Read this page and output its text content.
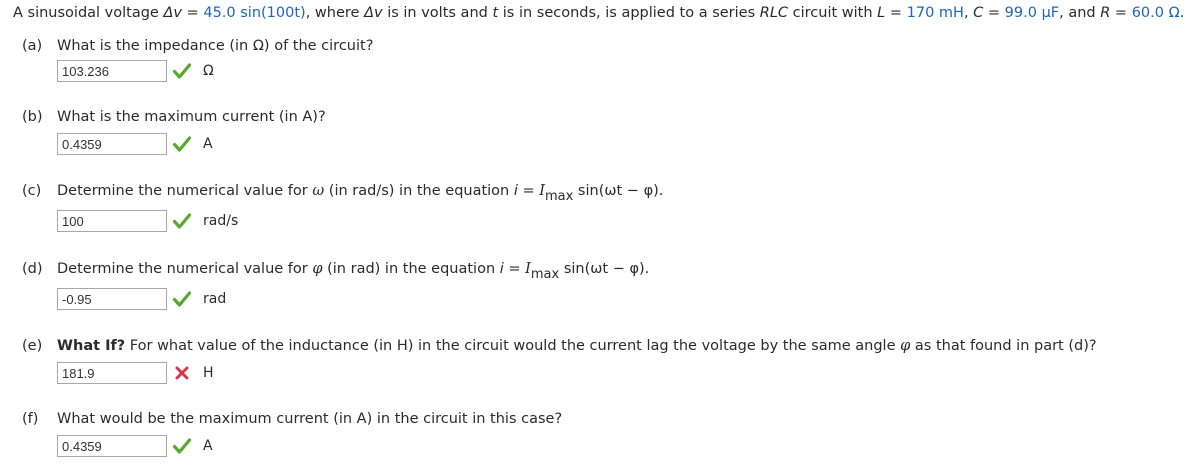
A sinusoidal voltage Δv = 45.0 sin(100t), where Δv is in volts and t is in seconds, is applied to a series RLC circuit with L = 170 mH, C = 99.0 µF, and R = 60.0 Ω.
(a) What is the impedance (in Ω) of the circuit?
103.236
Ω
(b) What is the maximum current (in A)?
0.4359
A
(c) Determine the numerical value for ω (in rad/s) in the equation $i = I_{max}$ sin(ωt − φ).
100
rad/s
(d) Determine the numerical value for φ (in rad) in the equation $i = I_{max}$ sin(ωt − φ).
-0.95
rad
(e) What If? For what value of the inductance (in H) in the circuit would the current lag the voltage by the same angle φ as that found in part (d)?
181.9
H
(f) What would be the maximum current (in A) in the circuit in this case?
0.4359
A
